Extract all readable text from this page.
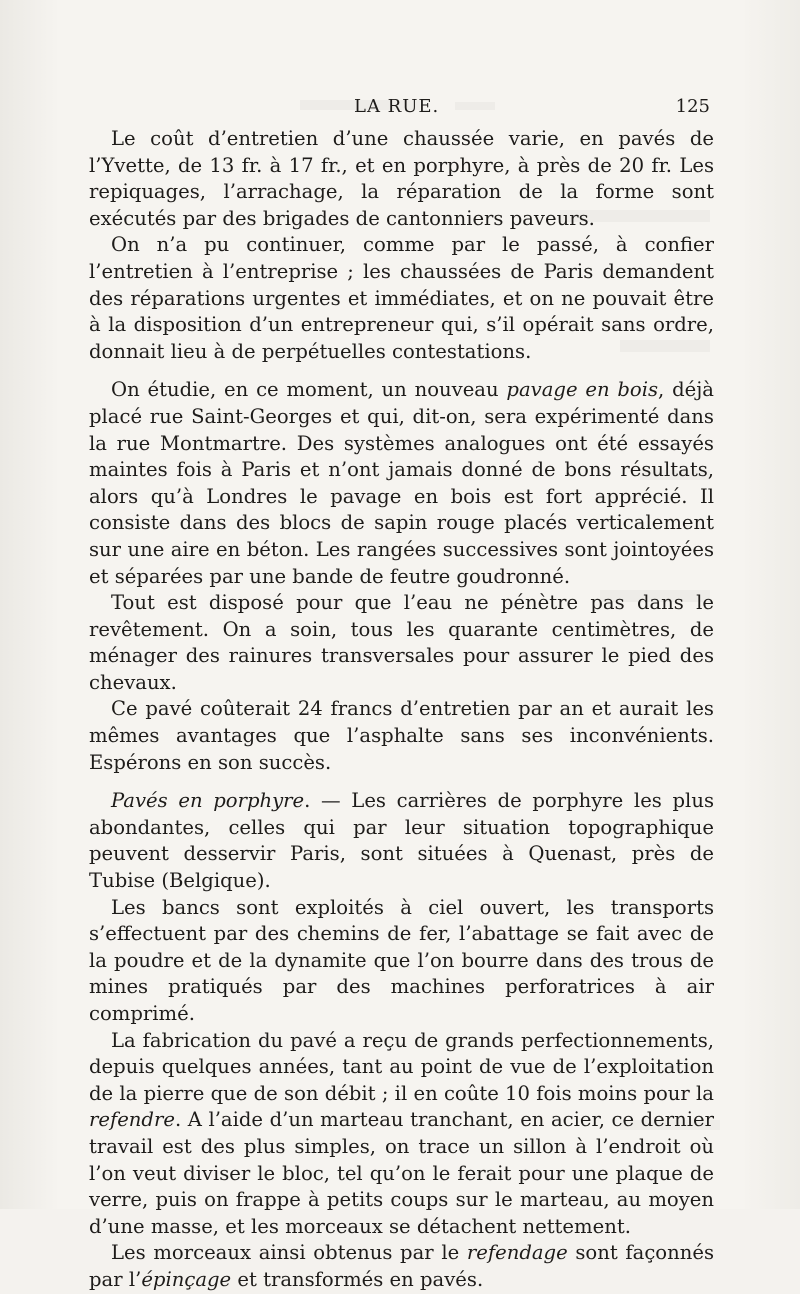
LA RUE.	125

Le coût d’entretien d’une chaussée varie, en pavés de l’Yvette, de 13 fr. à 17 fr., et en porphyre, à près de 20 fr. Les repiquages, l’arrachage, la réparation de la forme sont exécutés par des brigades de cantonniers paveurs.

On n’a pu continuer, comme par le passé, à confier l’entretien à l’entreprise ; les chaussées de Paris demandent des réparations urgentes et immédiates, et on ne pouvait être à la disposition d’un entrepreneur qui, s’il opérait sans ordre, donnait lieu à de perpétuelles contestations.

On étudie, en ce moment, un nouveau pavage en bois, déjà placé rue Saint-Georges et qui, dit-on, sera expérimenté dans la rue Montmartre. Des systèmes analogues ont été essayés maintes fois à Paris et n’ont jamais donné de bons résultats, alors qu’à Londres le pavage en bois est fort apprécié. Il consiste dans des blocs de sapin rouge placés verticalement sur une aire en béton. Les rangées successives sont jointoyées et séparées par une bande de feutre goudronné.

Tout est disposé pour que l’eau ne pénètre pas dans le revêtement. On a soin, tous les quarante centimètres, de ménager des rainures transversales pour assurer le pied des chevaux.

Ce pavé coûterait 24 francs d’entretien par an et aurait les mêmes avantages que l’asphalte sans ses inconvénients. Espérons en son succès.

Pavés en porphyre. — Les carrières de porphyre les plus abondantes, celles qui par leur situation topographique peuvent desservir Paris, sont situées à Quenast, près de Tubise (Belgique).

Les bancs sont exploités à ciel ouvert, les transports s’effectuent par des chemins de fer, l’abattage se fait avec de la poudre et de la dynamite que l’on bourre dans des trous de mines pratiqués par des machines perforatrices à air comprimé.

La fabrication du pavé a reçu de grands perfectionnements, depuis quelques années, tant au point de vue de l’exploitation de la pierre que de son débit ; il en coûte 10 fois moins pour la refendre. A l’aide d’un marteau tranchant, en acier, ce dernier travail est des plus simples, on trace un sillon à l’endroit où l’on veut diviser le bloc, tel qu’on le ferait pour une plaque de verre, puis on frappe à petits coups sur le marteau, au moyen d’une masse, et les morceaux se détachent nettement.

Les morceaux ainsi obtenus par le refendage sont façonnés par l’épinçage et transformés en pavés.
